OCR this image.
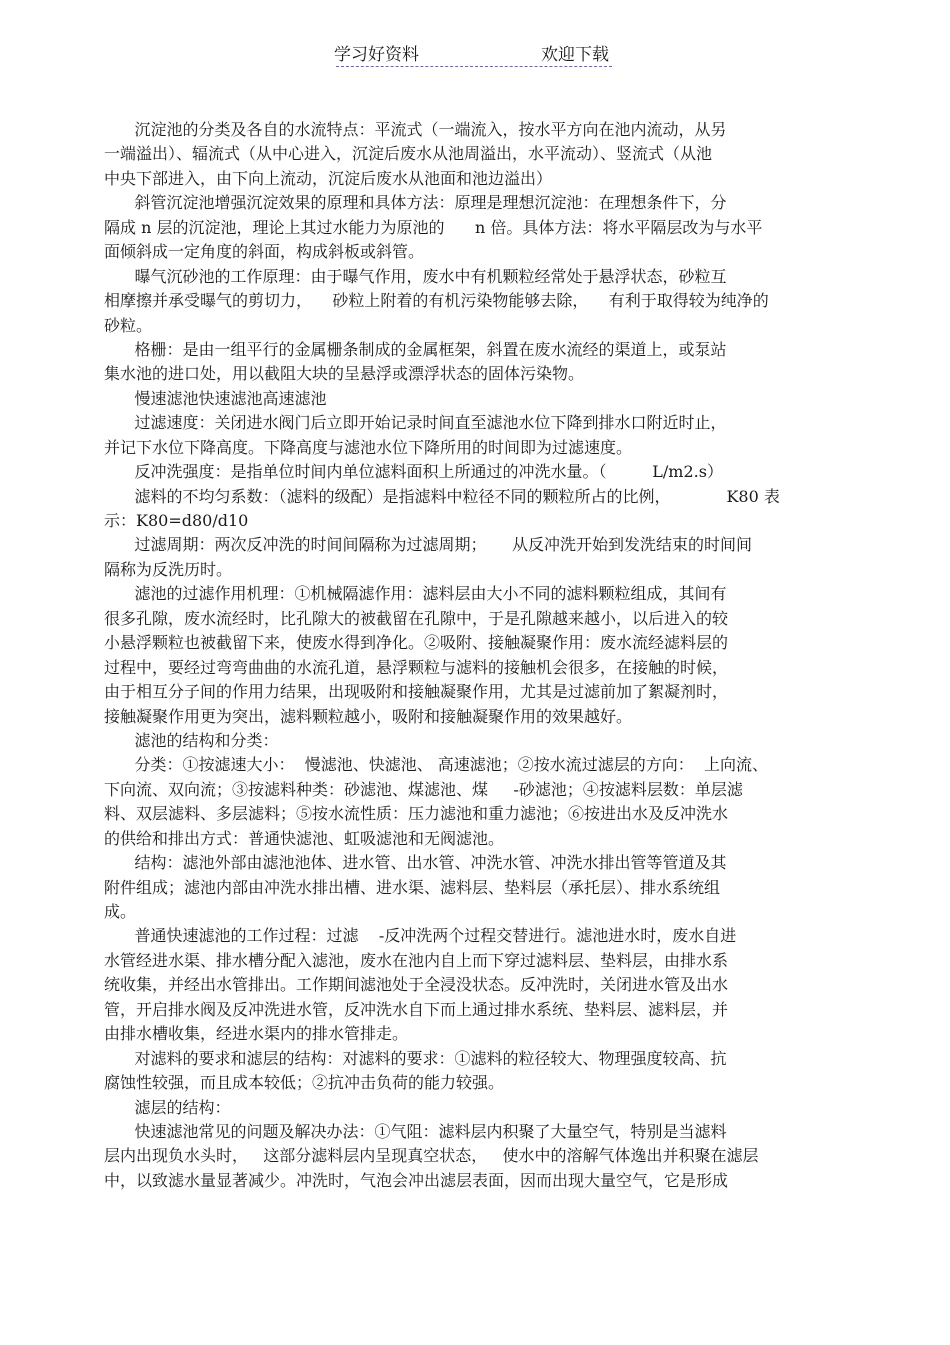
学习好资料	欢迎下载
沉淀池的分类及各自的水流特点：平流式（一端流入，按水平方向在池内流动，从另
一端溢出）、辐流式（从中心进入，沉淀后废水从池周溢出，水平流动）、竖流式（从池
中央下部进入，由下向上流动，沉淀后废水从池面和池边溢出）
斜管沉淀池增强沉淀效果的原理和具体方法：原理是理想沉淀池：在理想条件下，分
隔成 n 层的沉淀池，理论上其过水能力为原池的      n 倍。具体方法：将水平隔层改为与水平
面倾斜成一定角度的斜面，构成斜板或斜管。
曝气沉砂池的工作原理：由于曝气作用，废水中有机颗粒经常处于悬浮状态，砂粒互
相摩擦并承受曝气的剪切力，    砂粒上附着的有机污染物能够去除，    有利于取得较为纯净的
砂粒。
格栅：是由一组平行的金属栅条制成的金属框架，斜置在废水流经的渠道上，或泵站
集水池的进口处，用以截阻大块的呈悬浮或漂浮状态的固体污染物。
慢速滤池快速滤池高速滤池
过滤速度：关闭进水阀门后立即开始记录时间直至滤池水位下降到排水口附近时止，
并记下水位下降高度。下降高度与滤池水位下降所用的时间即为过滤速度。
反冲洗强度：是指单位时间内单位滤料面积上所通过的冲洗水量。（         L/m2.s）
滤料的不均匀系数：（滤料的级配）是指滤料中粒径不同的颗粒所占的比例，           K80 表
示：K80=d80/d10
过滤周期：两次反冲洗的时间间隔称为过滤周期；     从反冲洗开始到发洗结束的时间间
隔称为反洗历时。
滤池的过滤作用机理：①机械隔滤作用：滤料层由大小不同的滤料颗粒组成，其间有
很多孔隙，废水流经时，比孔隙大的被截留在孔隙中，于是孔隙越来越小，以后进入的较
小悬浮颗粒也被截留下来，使废水得到净化。②吸附、接触凝聚作用：废水流经滤料层的
过程中，要经过弯弯曲曲的水流孔道，悬浮颗粒与滤料的接触机会很多，在接触的时候，
由于相互分子间的作用力结果，出现吸附和接触凝聚作用，尤其是过滤前加了絮凝剂时，
接触凝聚作用更为突出，滤料颗粒越小，吸附和接触凝聚作用的效果越好。
滤池的结构和分类：
分类：①按滤速大小：  慢滤池、快滤池、 高速滤池；②按水流过滤层的方向：  上向流、
下向流、双向流；③按滤料种类：砂滤池、煤滤池、煤     -砂滤池；④按滤料层数：单层滤
料、双层滤料、多层滤料；⑤按水流性质：压力滤池和重力滤池；⑥按进出水及反冲洗水
的供给和排出方式：普通快滤池、虹吸滤池和无阀滤池。
结构：滤池外部由滤池池体、进水管、出水管、冲洗水管、冲洗水排出管等管道及其
附件组成；滤池内部由冲洗水排出槽、进水渠、滤料层、垫料层（承托层）、排水系统组
成。
普通快速滤池的工作过程：过滤    -反冲洗两个过程交替进行。滤池进水时，废水自进
水管经进水渠、排水槽分配入滤池，废水在池内自上而下穿过滤料层、垫料层，由排水系
统收集，并经出水管排出。工作期间滤池处于全浸没状态。反冲洗时，关闭进水管及出水
管，开启排水阀及反冲洗进水管，反冲洗水自下而上通过排水系统、垫料层、滤料层，并
由排水槽收集，经进水渠内的排水管排走。
对滤料的要求和滤层的结构：对滤料的要求：①滤料的粒径较大、物理强度较高、抗
腐蚀性较强，而且成本较低；②抗冲击负荷的能力较强。
滤层的结构：
快速滤池常见的问题及解决办法：①气阻：滤料层内积聚了大量空气，特别是当滤料
层内出现负水头时，   这部分滤料层内呈现真空状态，   使水中的溶解气体逸出并积聚在滤层
中，以致滤水量显著减少。冲洗时，气泡会冲出滤层表面，因而出现大量空气，它是形成
